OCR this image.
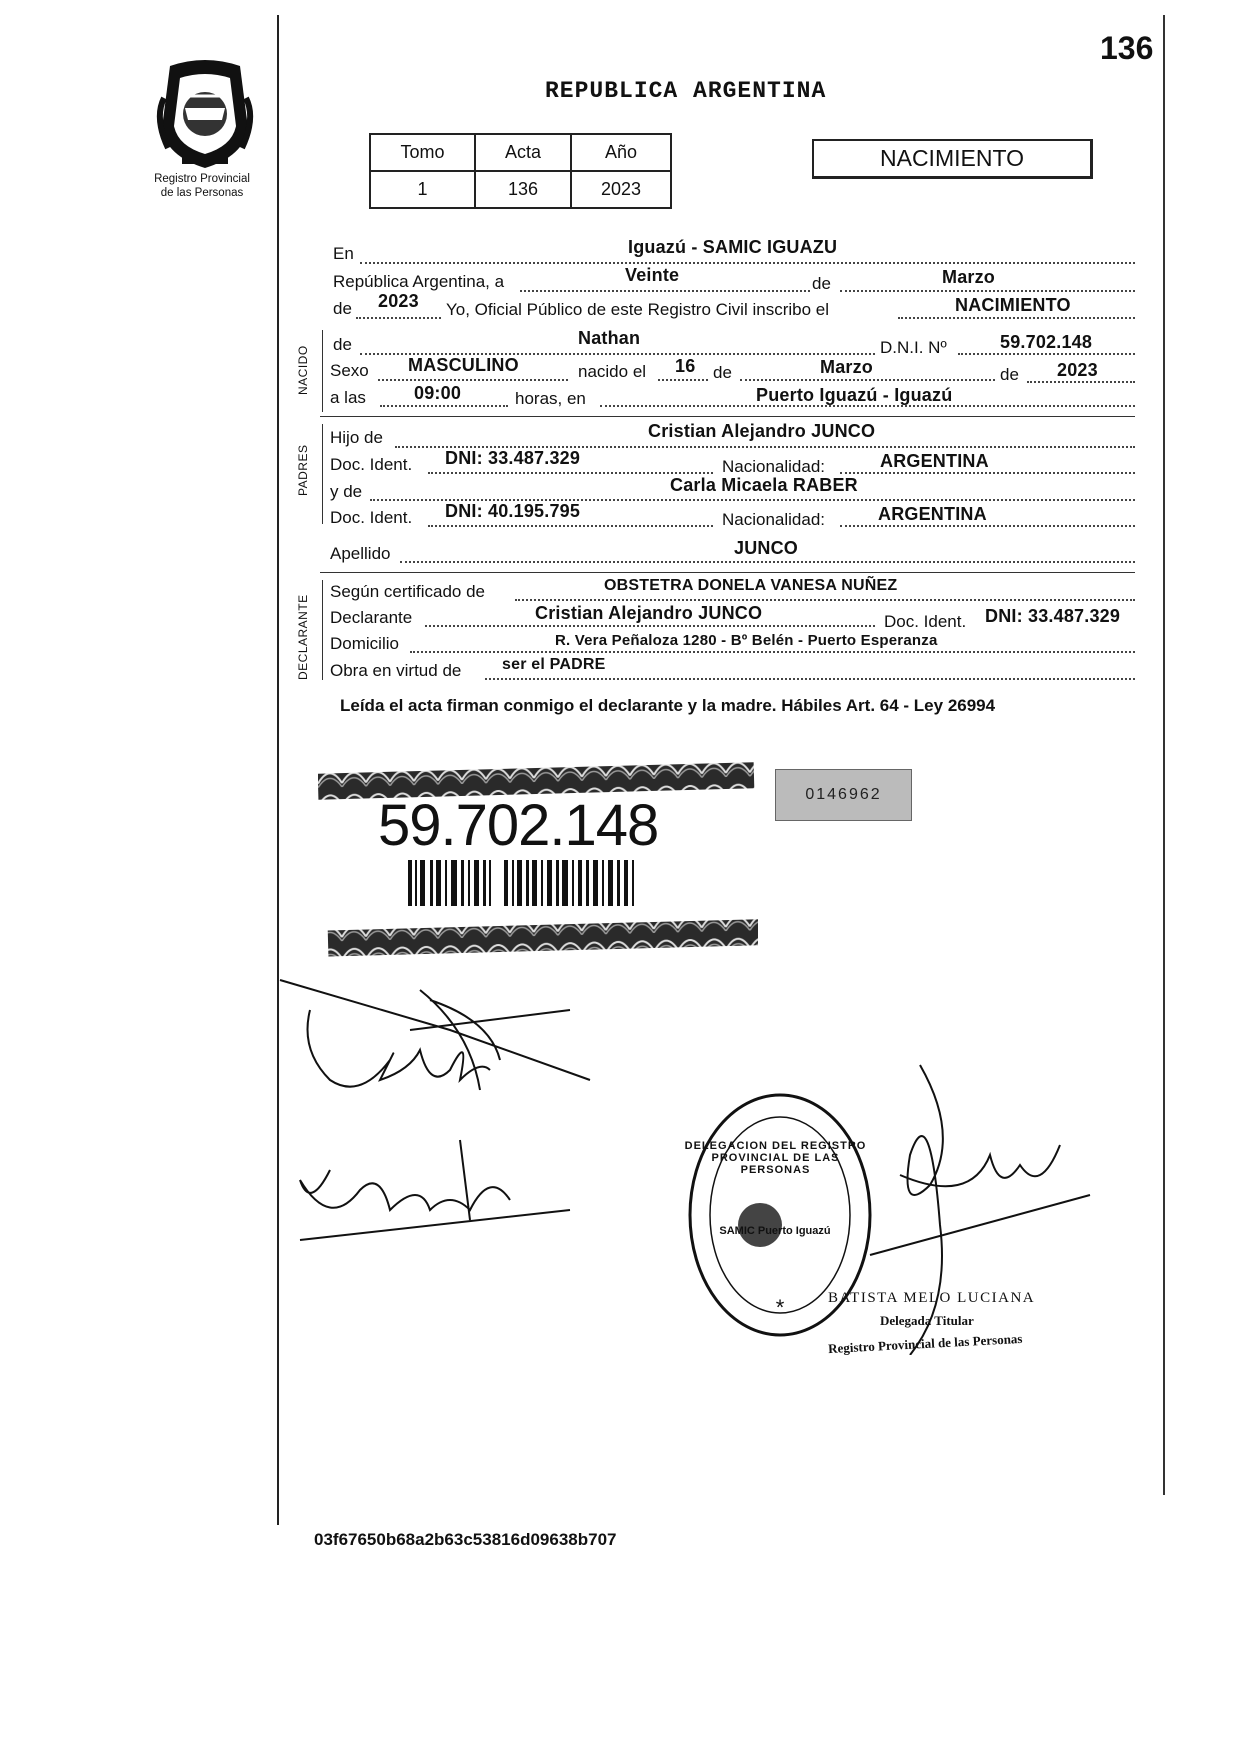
136
Registro Provincial
de las Personas
REPUBLICA ARGENTINA
Tomo	Acta	Año
1	136	2023
NACIMIENTO
En	Iguazú - SAMIC IGUAZU
República Argentina, a	Veinte	de	Marzo
de 2023 Yo, Oficial Público de este Registro Civil inscribo el	NACIMIENTO
NACIDO
de	Nathan	D.N.I. Nº	59.702.148
Sexo MASCULINO	nacido el 16 de	Marzo	de 2023
a las	09:00	horas, en	Puerto Iguazú - Iguazú
PADRES
Hijo de	Cristian Alejandro JUNCO
Doc. Ident. DNI: 33.487.329	Nacionalidad:	ARGENTINA
y de	Carla Micaela RABER
Doc. Ident. DNI: 40.195.795	Nacionalidad:	ARGENTINA
Apellido	JUNCO
DECLARANTE
Según certificado de	OBSTETRA DONELA VANESA NUÑEZ
Declarante	Cristian Alejandro JUNCO	Doc. Ident. DNI: 33.487.329
Domicilio	R. Vera Peñaloza 1280 - Bº Belén - Puerto Esperanza
Obra en virtud de	ser el PADRE
Leída el acta firman conmigo el declarante y la madre. Hábiles Art. 64 - Ley 26994
59.702.148	0146962
*
DELEGACION DEL REGISTRO PROVINCIAL DE LAS PERSONAS
SAMIC Puerto Iguazú
BATISTA MELO LUCIANA
Delegada Titular
Registro Provincial de las Personas
03f67650b68a2b63c53816d09638b707
